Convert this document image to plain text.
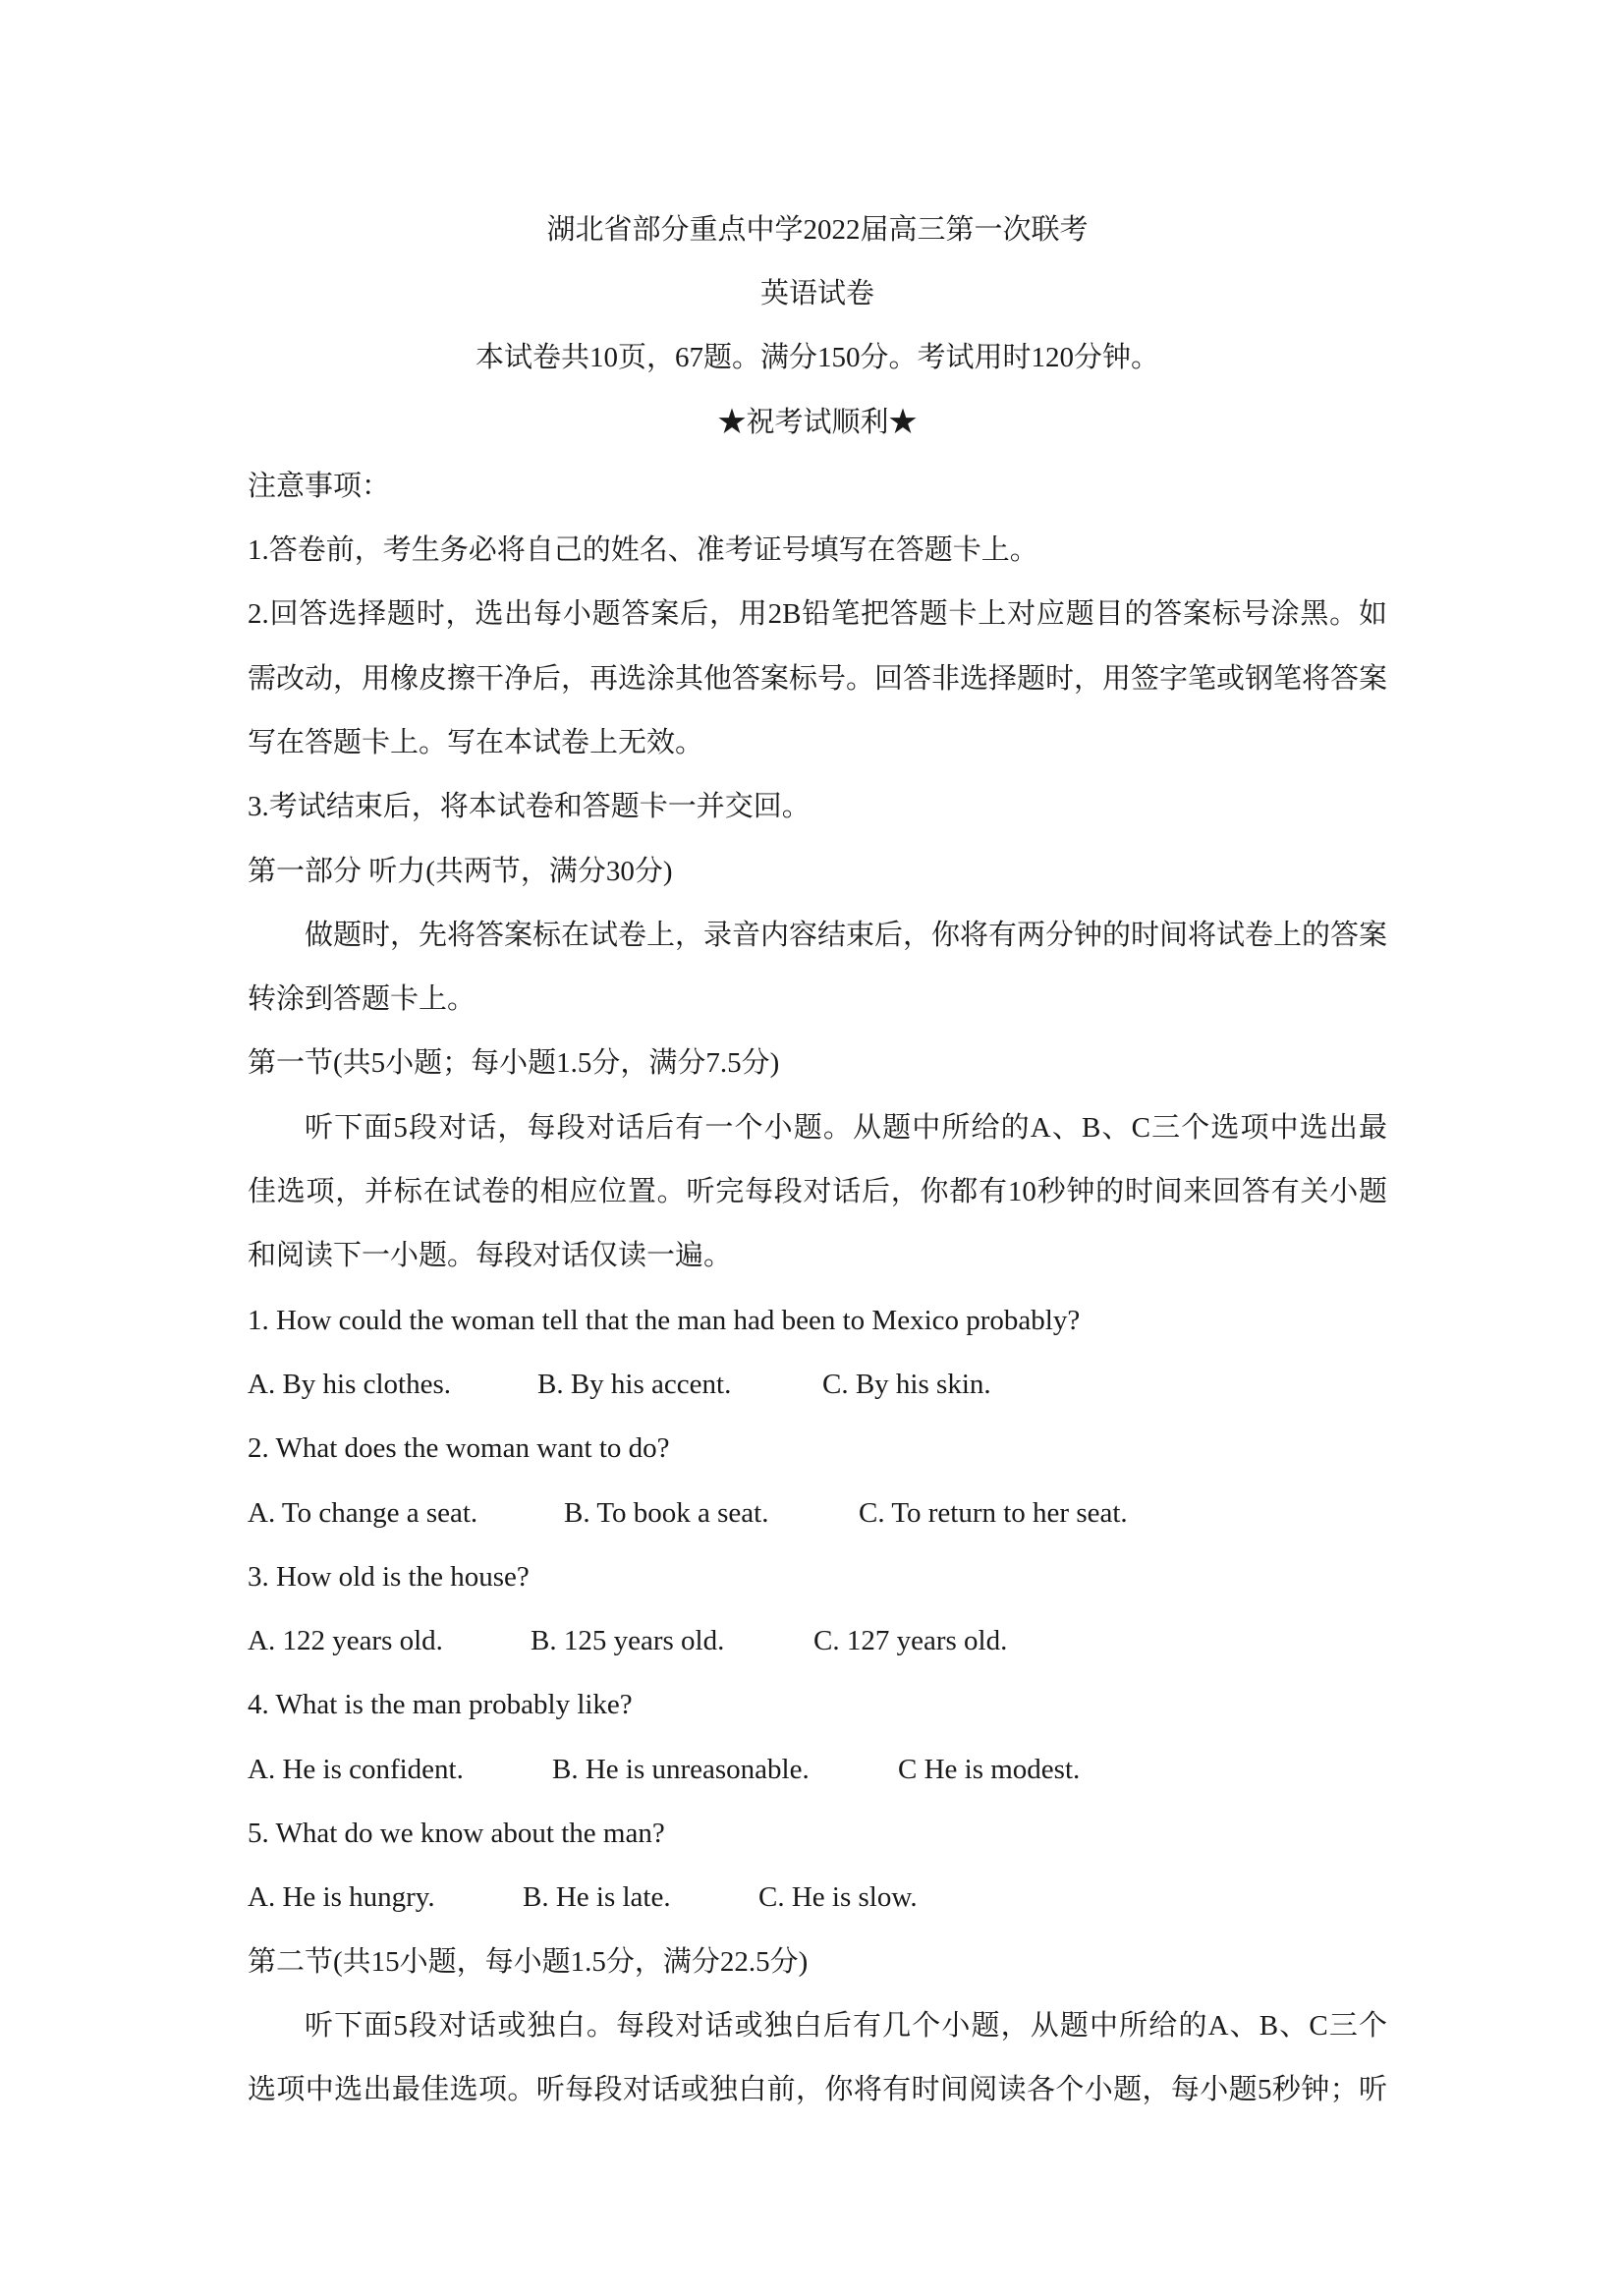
湖北省部分重点中学2022届高三第一次联考
英语试卷
本试卷共10页，67题。满分150分。考试用时120分钟。
★祝考试顺利★
注意事项：
1.答卷前，考生务必将自己的姓名、准考证号填写在答题卡上。
2.回答选择题时，选出每小题答案后，用2B铅笔把答题卡上对应题目的答案标号涂黑。如
需改动，用橡皮擦干净后，再选涂其他答案标号。回答非选择题时，用签字笔或钢笔将答案
写在答题卡上。写在本试卷上无效。
3.考试结束后，将本试卷和答题卡一并交回。
第一部分 听力(共两节，满分30分)
做题时，先将答案标在试卷上，录音内容结束后，你将有两分钟的时间将试卷上的答案
转涂到答题卡上。
第一节(共5小题；每小题1.5分，满分7.5分)
听下面5段对话，每段对话后有一个小题。从题中所给的A、B、C三个选项中选出最
佳选项，并标在试卷的相应位置。听完每段对话后，你都有10秒钟的时间来回答有关小题
和阅读下一小题。每段对话仅读一遍。
1. How could the woman tell that the man had been to Mexico probably?
A. By his clothes.	B. By his accent.	C. By his skin.
2. What does the woman want to do?
A. To change a seat.	B. To book a seat.	C. To return to her seat.
3. How old is the house?
A. 122 years old.	B. 125 years old.	C. 127 years old.
4. What is the man probably like?
A. He is confident.	B. He is unreasonable.	C He is modest.
5. What do we know about the man?
A. He is hungry.	B. He is late.	C. He is slow.
第二节(共15小题，每小题1.5分，满分22.5分)
听下面5段对话或独白。每段对话或独白后有几个小题，从题中所给的A、B、C三个
选项中选出最佳选项。听每段对话或独白前，你将有时间阅读各个小题，每小题5秒钟；听
